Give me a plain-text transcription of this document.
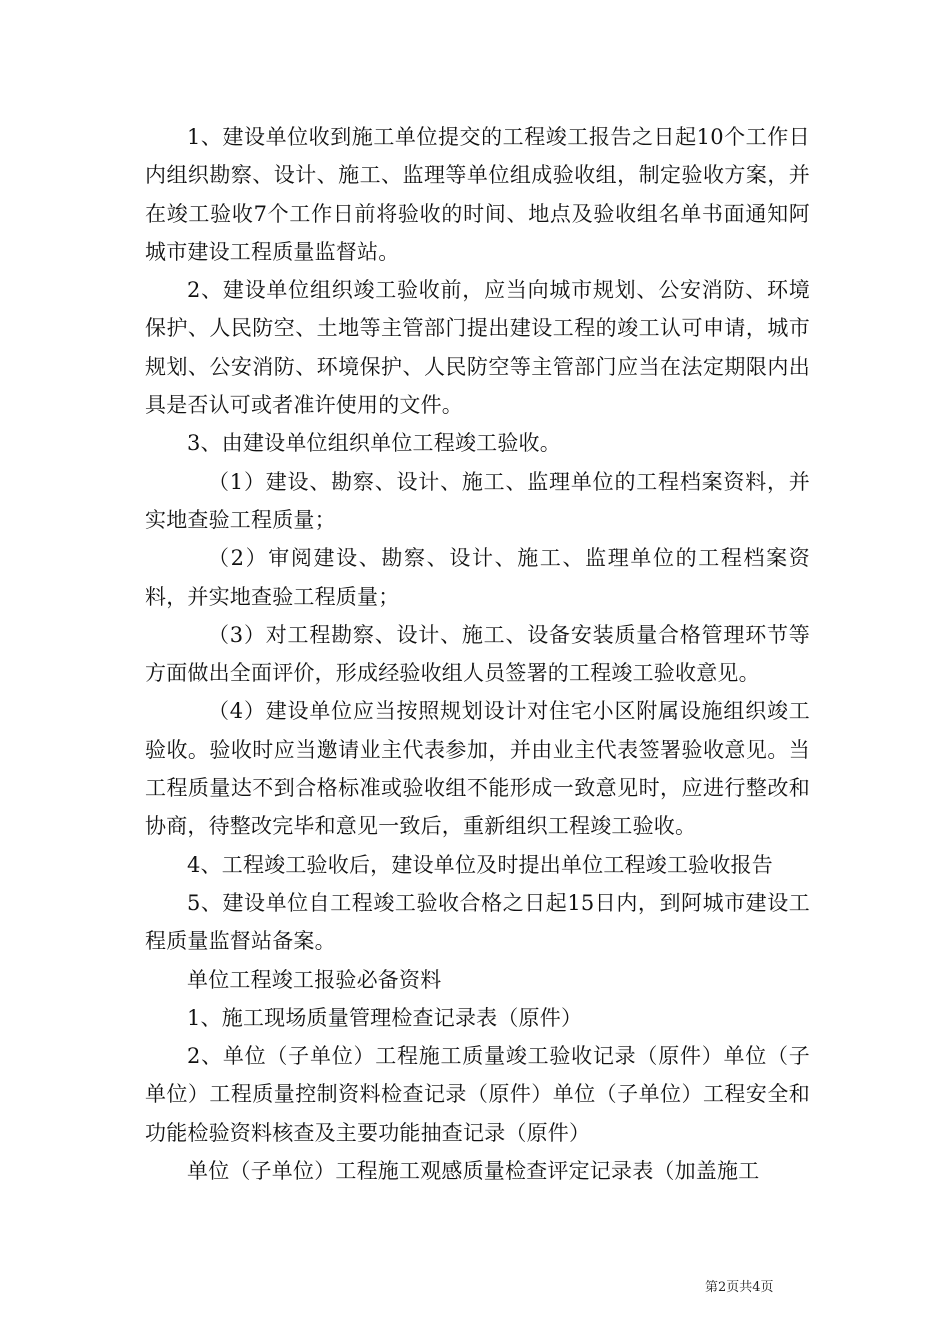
1、建设单位收到施工单位提交的工程竣工报告之日起10个工作日内组织勘察、设计、施工、监理等单位组成验收组，制定验收方案，并在竣工验收7个工作日前将验收的时间、地点及验收组名单书面通知阿城市建设工程质量监督站。

2、建设单位组织竣工验收前，应当向城市规划、公安消防、环境保护、人民防空、土地等主管部门提出建设工程的竣工认可申请，城市规划、公安消防、环境保护、人民防空等主管部门应当在法定期限内出具是否认可或者准许使用的文件。

3、由建设单位组织单位工程竣工验收。

（1）建设、勘察、设计、施工、监理单位的工程档案资料，并实地查验工程质量；

（2）审阅建设、勘察、设计、施工、监理单位的工程档案资料，并实地查验工程质量；

（3）对工程勘察、设计、施工、设备安装质量合格管理环节等方面做出全面评价，形成经验收组人员签署的工程竣工验收意见。

（4）建设单位应当按照规划设计对住宅小区附属设施组织竣工验收。验收时应当邀请业主代表参加，并由业主代表签署验收意见。当工程质量达不到合格标准或验收组不能形成一致意见时，应进行整改和协商，待整改完毕和意见一致后，重新组织工程竣工验收。

4、工程竣工验收后，建设单位及时提出单位工程竣工验收报告

5、建设单位自工程竣工验收合格之日起15日内，到阿城市建设工程质量监督站备案。

单位工程竣工报验必备资料

1、施工现场质量管理检查记录表（原件）

2、单位（子单位）工程施工质量竣工验收记录（原件）单位（子单位）工程质量控制资料检查记录（原件）单位（子单位）工程安全和功能检验资料核查及主要功能抽查记录（原件）

单位（子单位）工程施工观感质量检查评定记录表（加盖施工

第2页共4页
